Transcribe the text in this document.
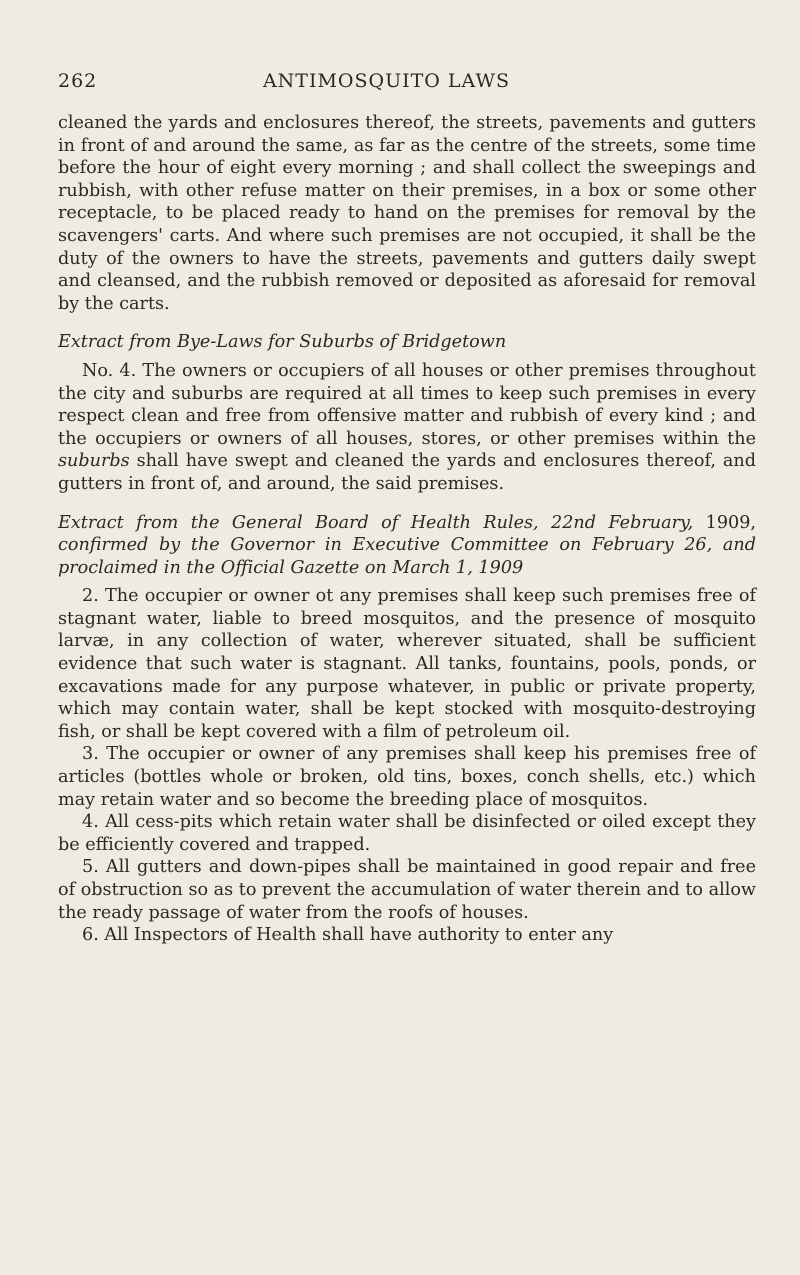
262	ANTIMOSQUITO LAWS

cleaned the yards and enclosures thereof, the streets, pavements and gutters in front of and around the same, as far as the centre of the streets, some time before the hour of eight every morning ; and shall collect the sweepings and rubbish, with other refuse matter on their premises, in a box or some other receptacle, to be placed ready to hand on the premises for removal by the scavengers' carts. And where such premises are not occupied, it shall be the duty of the owners to have the streets, pavements and gutters daily swept and cleansed, and the rubbish removed or deposited as aforesaid for removal by the carts.

Extract from Bye-Laws for Suburbs of Bridgetown

No. 4. The owners or occupiers of all houses or other premises throughout the city and suburbs are required at all times to keep such premises in every respect clean and free from offensive matter and rubbish of every kind ; and the occupiers or owners of all houses, stores, or other premises within the suburbs shall have swept and cleaned the yards and enclosures thereof, and gutters in front of, and around, the said premises.

Extract from the General Board of Health Rules, 22nd February, 1909, confirmed by the Governor in Executive Committee on February 26, and proclaimed in the Official Gazette on March 1, 1909

2. The occupier or owner ot any premises shall keep such premises free of stagnant water, liable to breed mosquitos, and the presence of mosquito larvæ, in any collection of water, wherever situated, shall be sufficient evidence that such water is stagnant. All tanks, fountains, pools, ponds, or excavations made for any purpose whatever, in public or private property, which may contain water, shall be kept stocked with mosquito-destroying fish, or shall be kept covered with a film of petroleum oil.

3. The occupier or owner of any premises shall keep his premises free of articles (bottles whole or broken, old tins, boxes, conch shells, etc.) which may retain water and so become the breeding place of mosquitos.

4. All cess-pits which retain water shall be disinfected or oiled except they be efficiently covered and trapped.

5. All gutters and down-pipes shall be maintained in good repair and free of obstruction so as to prevent the accumulation of water therein and to allow the ready passage of water from the roofs of houses.

6. All Inspectors of Health shall have authority to enter any
